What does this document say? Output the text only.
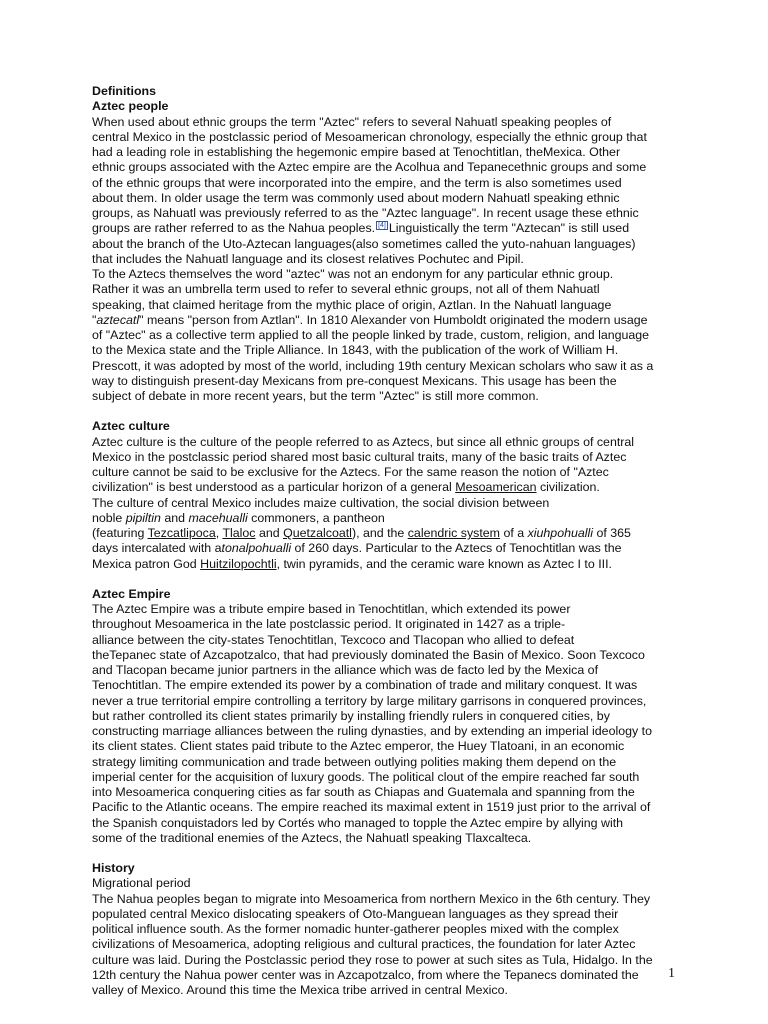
Definitions
Aztec people
When used about ethnic groups the term "Aztec" refers to several Nahuatl speaking peoples of
central Mexico in the postclassic period of Mesoamerican chronology, especially the ethnic group that
had a leading role in establishing the hegemonic empire based at Tenochtitlan, theMexica. Other
ethnic groups associated with the Aztec empire are the Acolhua and Tepanecethnic groups and some
of the ethnic groups that were incorporated into the empire, and the term is also sometimes used
about them. In older usage the term was commonly used about modern Nahuatl speaking ethnic
groups, as Nahuatl was previously referred to as the "Aztec language". In recent usage these ethnic
groups are rather referred to as the Nahua peoples. [4] Linguistically the term "Aztecan" is still used
about the branch of the Uto-Aztecan languages(also sometimes called the yuto-nahuan languages)
that includes the Nahuatl language and its closest relatives Pochutec and Pipil.
To the Aztecs themselves the word "aztec" was not an endonym for any particular ethnic group.
Rather it was an umbrella term used to refer to several ethnic groups, not all of them Nahuatl
speaking, that claimed heritage from the mythic place of origin, Aztlan. In the Nahuatl language
"aztecatl" means "person from Aztlan". In 1810 Alexander von Humboldt originated the modern usage
of "Aztec" as a collective term applied to all the people linked by trade, custom, religion, and language
to the Mexica state and the Triple Alliance. In 1843, with the publication of the work of William H.
Prescott, it was adopted by most of the world, including 19th century Mexican scholars who saw it as a
way to distinguish present-day Mexicans from pre-conquest Mexicans. This usage has been the
subject of debate in more recent years, but the term "Aztec" is still more common.
Aztec culture
Aztec culture is the culture of the people referred to as Aztecs, but since all ethnic groups of central
Mexico in the postclassic period shared most basic cultural traits, many of the basic traits of Aztec
culture cannot be said to be exclusive for the Aztecs. For the same reason the notion of "Aztec
civilization" is best understood as a particular horizon of a general Mesoamerican civilization.
The culture of central Mexico includes maize cultivation, the social division between
noble pipiltin and macehualli commoners, a pantheon
(featuring Tezcatlipoca, Tlaloc and Quetzalcoatl), and the calendric system of a xiuhpohualli of 365
days intercalated with atonalpohualli of 260 days. Particular to the Aztecs of Tenochtitlan was the
Mexica patron God Huitzilopochtli, twin pyramids, and the ceramic ware known as Aztec I to III.
Aztec Empire
The Aztec Empire was a tribute empire based in Tenochtitlan, which extended its power
throughout Mesoamerica in the late postclassic period. It originated in 1427 as a triple-
alliance between the city-states Tenochtitlan, Texcoco and Tlacopan who allied to defeat
theTepanec state of Azcapotzalco, that had previously dominated the Basin of Mexico. Soon Texcoco
and Tlacopan became junior partners in the alliance which was de facto led by the Mexica of
Tenochtitlan. The empire extended its power by a combination of trade and military conquest. It was
never a true territorial empire controlling a territory by large military garrisons in conquered provinces,
but rather controlled its client states primarily by installing friendly rulers in conquered cities, by
constructing marriage alliances between the ruling dynasties, and by extending an imperial ideology to
its client states. Client states paid tribute to the Aztec emperor, the Huey Tlatoani, in an economic
strategy limiting communication and trade between outlying polities making them depend on the
imperial center for the acquisition of luxury goods. The political clout of the empire reached far south
into Mesoamerica conquering cities as far south as Chiapas and Guatemala and spanning from the
Pacific to the Atlantic oceans. The empire reached its maximal extent in 1519 just prior to the arrival of
the Spanish conquistadors led by Cortés who managed to topple the Aztec empire by allying with
some of the traditional enemies of the Aztecs, the Nahuatl speaking Tlaxcalteca.
History
Migrational period
The Nahua peoples began to migrate into Mesoamerica from northern Mexico in the 6th century. They
populated central Mexico dislocating speakers of Oto-Manguean languages as they spread their
political influence south. As the former nomadic hunter-gatherer peoples mixed with the complex
civilizations of Mesoamerica, adopting religious and cultural practices, the foundation for later Aztec
culture was laid. During the Postclassic period they rose to power at such sites as Tula, Hidalgo. In the
12th century the Nahua power center was in Azcapotzalco, from where the Tepanecs dominated the
valley of Mexico. Around this time the Mexica tribe arrived in central Mexico.
1
